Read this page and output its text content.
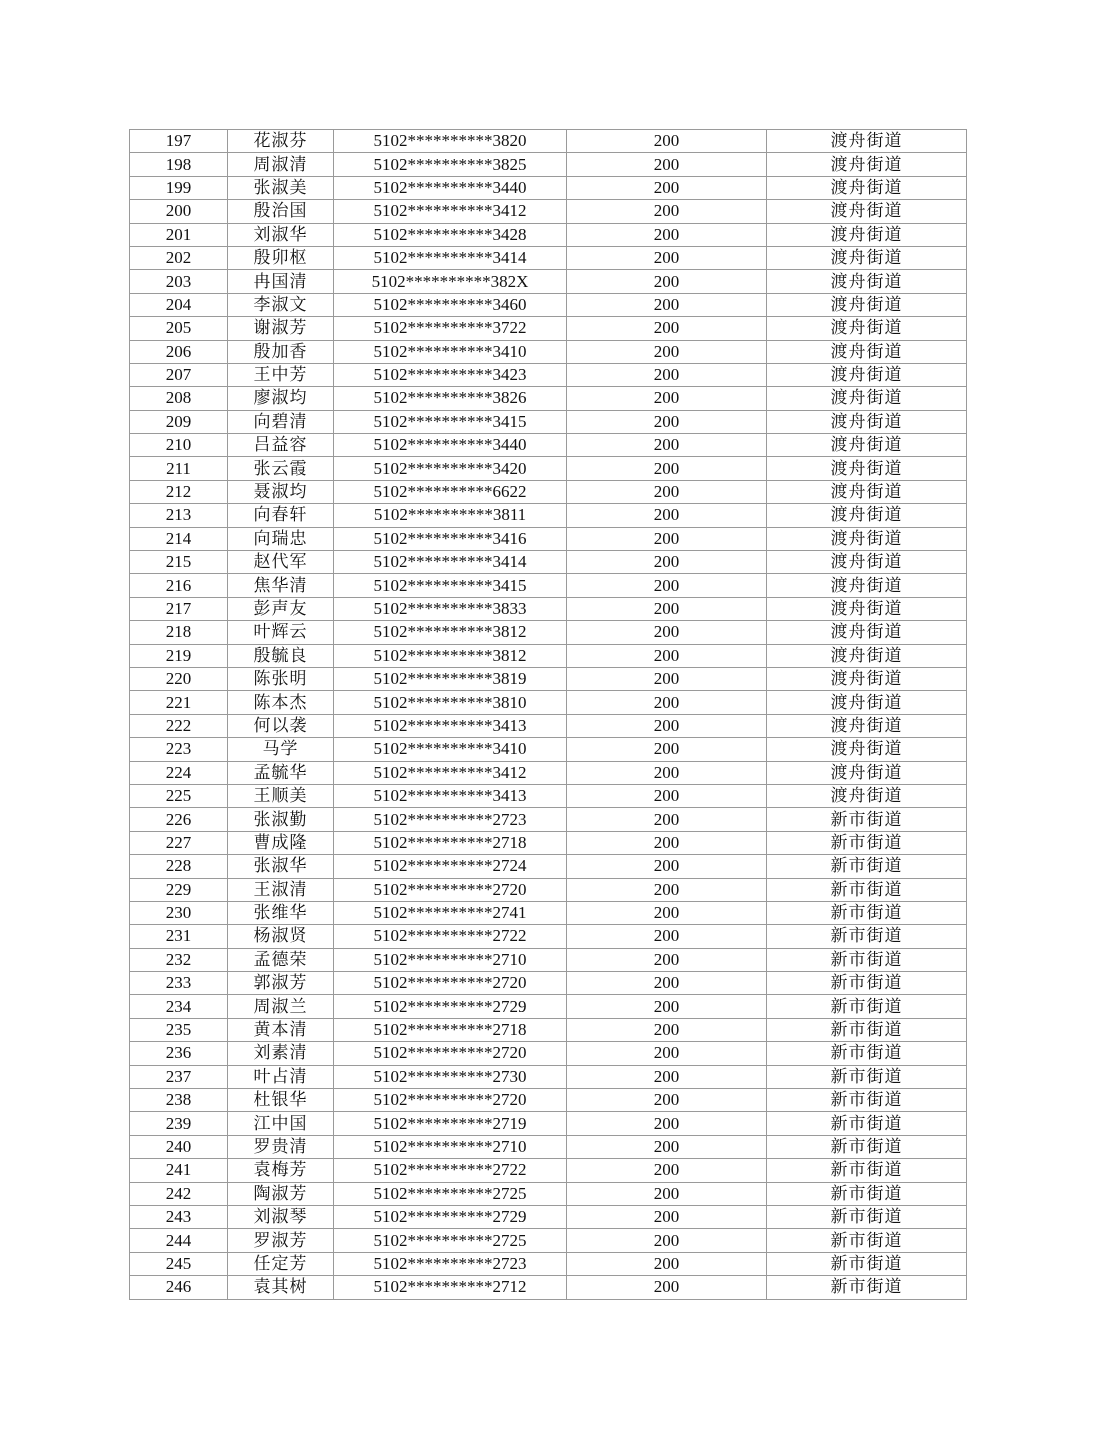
197	花淑芬	5102**********3820	200	渡舟街道
198	周淑清	5102**********3825	200	渡舟街道
199	张淑美	5102**********3440	200	渡舟街道
200	殷治国	5102**********3412	200	渡舟街道
201	刘淑华	5102**********3428	200	渡舟街道
202	殷卯枢	5102**********3414	200	渡舟街道
203	冉国清	5102**********382X	200	渡舟街道
204	李淑文	5102**********3460	200	渡舟街道
205	谢淑芳	5102**********3722	200	渡舟街道
206	殷加香	5102**********3410	200	渡舟街道
207	王中芳	5102**********3423	200	渡舟街道
208	廖淑均	5102**********3826	200	渡舟街道
209	向碧清	5102**********3415	200	渡舟街道
210	吕益容	5102**********3440	200	渡舟街道
211	张云霞	5102**********3420	200	渡舟街道
212	聂淑均	5102**********6622	200	渡舟街道
213	向春轩	5102**********3811	200	渡舟街道
214	向瑞忠	5102**********3416	200	渡舟街道
215	赵代军	5102**********3414	200	渡舟街道
216	焦华清	5102**********3415	200	渡舟街道
217	彭声友	5102**********3833	200	渡舟街道
218	叶辉云	5102**********3812	200	渡舟街道
219	殷毓良	5102**********3812	200	渡舟街道
220	陈张明	5102**********3819	200	渡舟街道
221	陈本杰	5102**********3810	200	渡舟街道
222	何以袭	5102**********3413	200	渡舟街道
223	马学	5102**********3410	200	渡舟街道
224	孟毓华	5102**********3412	200	渡舟街道
225	王顺美	5102**********3413	200	渡舟街道
226	张淑勤	5102**********2723	200	新市街道
227	曹成隆	5102**********2718	200	新市街道
228	张淑华	5102**********2724	200	新市街道
229	王淑清	5102**********2720	200	新市街道
230	张维华	5102**********2741	200	新市街道
231	杨淑贤	5102**********2722	200	新市街道
232	孟德荣	5102**********2710	200	新市街道
233	郭淑芳	5102**********2720	200	新市街道
234	周淑兰	5102**********2729	200	新市街道
235	黄本清	5102**********2718	200	新市街道
236	刘素清	5102**********2720	200	新市街道
237	叶占清	5102**********2730	200	新市街道
238	杜银华	5102**********2720	200	新市街道
239	江中国	5102**********2719	200	新市街道
240	罗贵清	5102**********2710	200	新市街道
241	袁梅芳	5102**********2722	200	新市街道
242	陶淑芳	5102**********2725	200	新市街道
243	刘淑琴	5102**********2729	200	新市街道
244	罗淑芳	5102**********2725	200	新市街道
245	任定芳	5102**********2723	200	新市街道
246	袁其树	5102**********2712	200	新市街道
